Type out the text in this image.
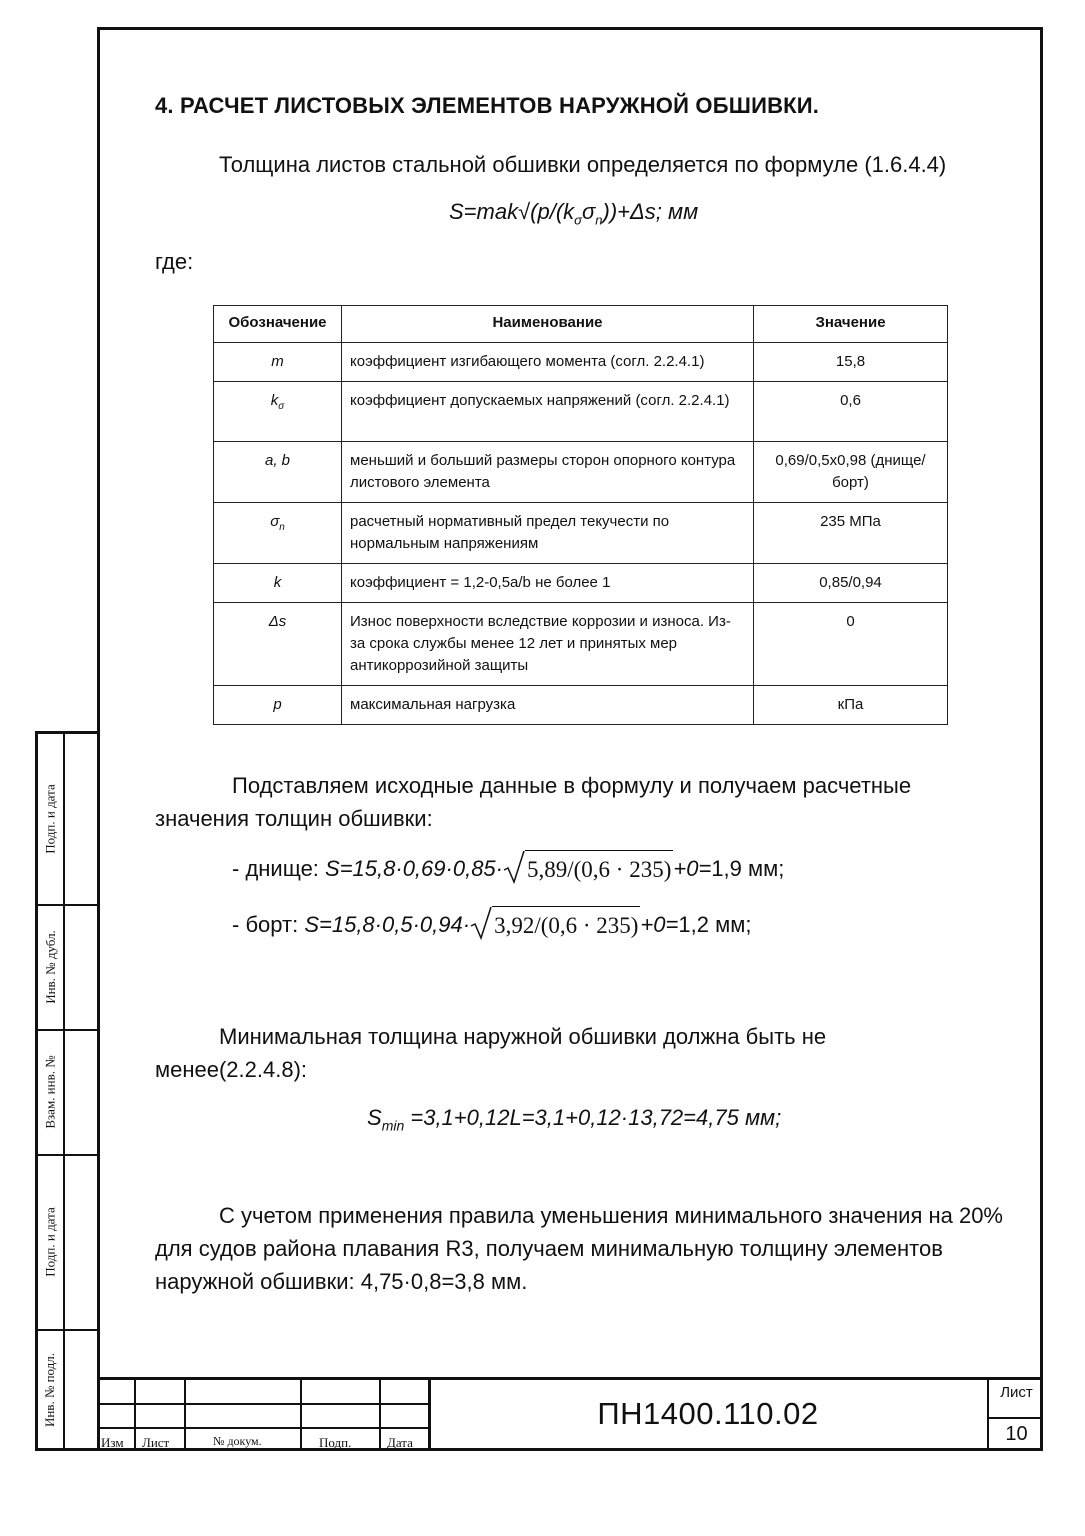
4. РАСЧЕТ ЛИСТОВЫХ ЭЛЕМЕНТОВ НАРУЖНОЙ ОБШИВКИ.
Толщина листов стальной обшивки определяется по формуле (1.6.4.4)
$S=mak√(p/(k_\sigma\sigma_n))+\Delta s$; мм
где:
Обозначение	Наименование	Значение
m	коэффициент изгибающего момента (согл. 2.2.4.1)	15,8
$k_\sigma$	коэффициент допускаемых напряжений (согл. 2.2.4.1)	0,6
a, b	меньший и больший размеры сторон опорного контура листового элемента	0,69/0,5х0,98 (днище/борт)
$\sigma_n$	расчетный нормативный предел текучести по нормальным напряжениям	235 МПа
k	коэффициент = 1,2-0,5a/b не более 1	0,85/0,94
Δs	Износ поверхности вследствие коррозии и износа. Из-за срока службы менее 12 лет и принятых мер антикоррозийной защиты	0
p	максимальная нагрузка	кПа
Подставляем исходные данные в формулу и получаем расчетные значения толщин обшивки:
- днище: S=15,8·0,69·0,85· 5,89/(0,6 · 235) +0= 1,9 мм;
- борт: S=15,8·0,5·0,94· 3,92/(0,6 · 235) +0= 1,2 мм;
Минимальная толщина наружной обшивки должна быть не менее(2.2.4.8):
$S_{min} =3,1+0,12L=3,1+0,12\cdot 13,72=4,75$ мм;
С учетом применения правила уменьшения минимального значения на 20% для судов района плавания R3, получаем минимальную толщину элементов наружной обшивки: 4,75·0,8=3,8 мм.
Подп. и дата
Инв. № дубл.
Взам. инв. №
Подп. и дата
Инв. № подл.
Изм Лист	№ докум.	Подп.	Дата
ПН1400.110.02
Лист
10
